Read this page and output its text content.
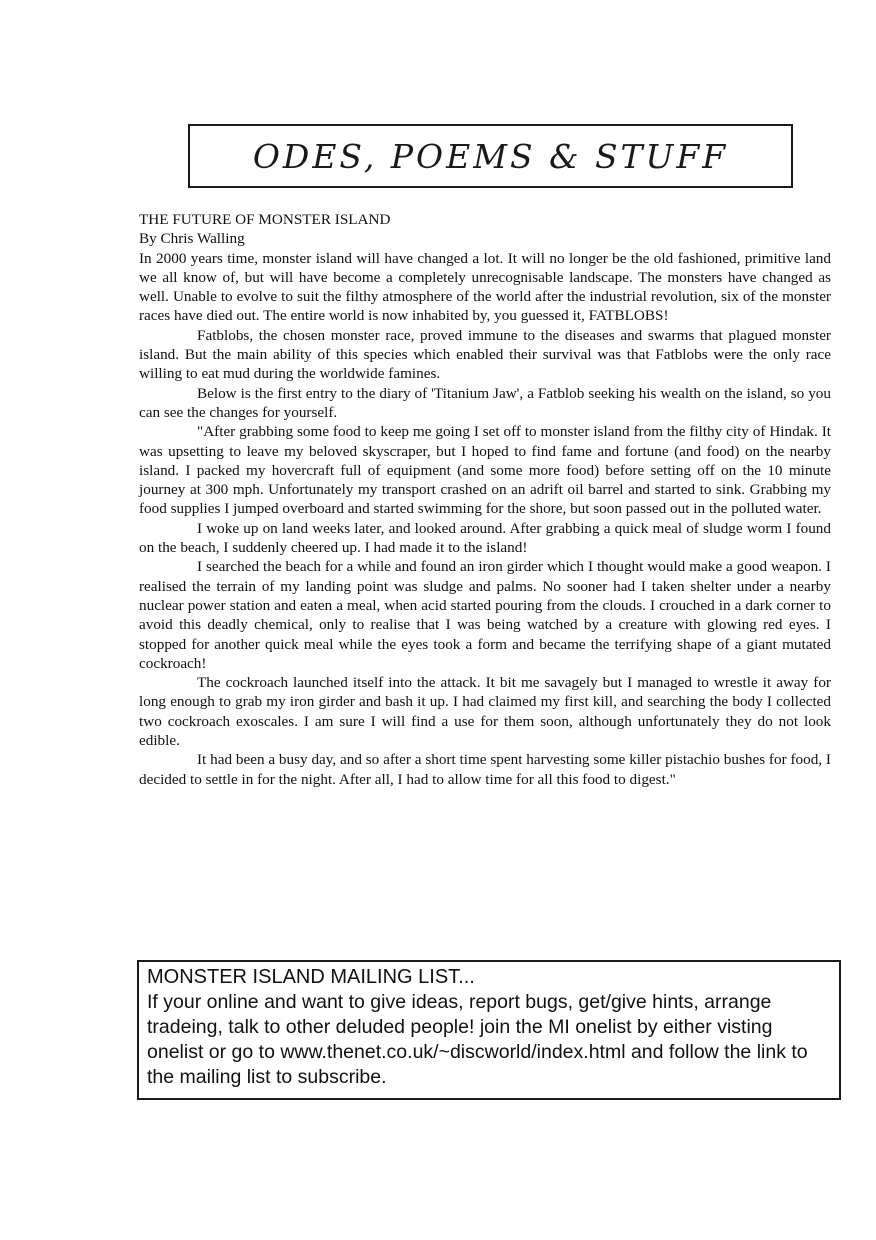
ODES, POEMS & STUFF
THE FUTURE OF MONSTER ISLAND
By Chris Walling

In 2000 years time, monster island will have changed a lot. It will no longer be the old fashioned, primitive land we all know of, but will have become a completely unrecognisable landscape. The monsters have changed as well. Unable to evolve to suit the filthy atmosphere of the world after the industrial revolution, six of the monster races have died out. The entire world is now inhabited by, you guessed it, FATBLOBS!

Fatblobs, the chosen monster race, proved immune to the diseases and swarms that plagued monster island. But the main ability of this species which enabled their survival was that Fatblobs were the only race willing to eat mud during the worldwide famines.

Below is the first entry to the diary of 'Titanium Jaw', a Fatblob seeking his wealth on the island, so you can see the changes for yourself.

"After grabbing some food to keep me going I set off to monster island from the filthy city of Hindak. It was upsetting to leave my beloved skyscraper, but I hoped to find fame and fortune (and food) on the nearby island. I packed my hovercraft full of equipment (and some more food) before setting off on the 10 minute journey at 300 mph. Unfortunately my transport crashed on an adrift oil barrel and started to sink. Grabbing my food supplies I jumped overboard and started swimming for the shore, but soon passed out in the polluted water.

I woke up on land weeks later, and looked around. After grabbing a quick meal of sludge worm I found on the beach, I suddenly cheered up. I had made it to the island!

I searched the beach for a while and found an iron girder which I thought would make a good weapon. I realised the terrain of my landing point was sludge and palms. No sooner had I taken shelter under a nearby nuclear power station and eaten a meal, when acid started pouring from the clouds. I crouched in a dark corner to avoid this deadly chemical, only to realise that I was being watched by a creature with glowing red eyes. I stopped for another quick meal while the eyes took a form and became the terrifying shape of a giant mutated cockroach!

The cockroach launched itself into the attack. It bit me savagely but I managed to wrestle it away for long enough to grab my iron girder and bash it up. I had claimed my first kill, and searching the body I collected two cockroach exoscales. I am sure I will find a use for them soon, although unfortunately they do not look edible.

It had been a busy day, and so after a short time spent harvesting some killer pistachio bushes for food, I decided to settle in for the night. After all, I had to allow time for all this food to digest."

MONSTER ISLAND MAILING LIST...

If your online and want to give ideas, report bugs, get/give hints, arrange tradeing, talk to other deluded people! join the MI onelist by either visting onelist or go to www.thenet.co.uk/~discworld/index.html and follow the link to the mailing list to subscribe.
